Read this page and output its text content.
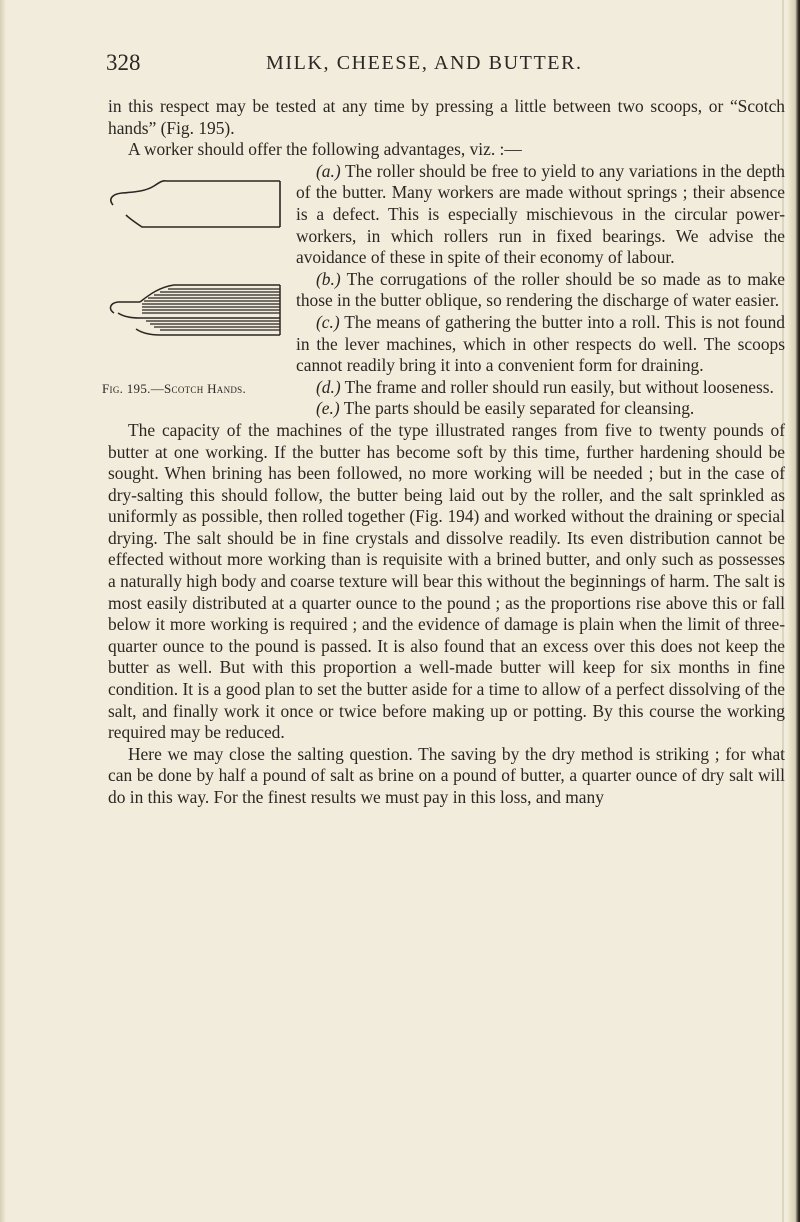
328	MILK, CHEESE, AND BUTTER.

in this respect may be tested at any time by pressing a little between two scoops, or “Scotch hands” (Fig. 195).

A worker should offer the following advantages, viz. :—

Fig. 195.—Scotch Hands.

(a.) The roller should be free to yield to any variations in the depth of the butter. Many workers are made without springs ; their absence is a defect. This is especially mischievous in the circular power-workers, in which rollers run in fixed bearings. We advise the avoidance of these in spite of their economy of labour.

(b.) The corrugations of the roller should be so made as to make those in the butter oblique, so rendering the discharge of water easier.

(c.) The means of gathering the butter into a roll. This is not found in the lever machines, which in other respects do well. The scoops cannot readily bring it into a convenient form for draining.

(d.) The frame and roller should run easily, but without looseness.

(e.) The parts should be easily separated for cleansing.

The capacity of the machines of the type illustrated ranges from five to twenty pounds of butter at one working. If the butter has become soft by this time, further hardening should be sought. When brining has been followed, no more working will be needed ; but in the case of dry-salting this should follow, the butter being laid out by the roller, and the salt sprinkled as uniformly as possible, then rolled together (Fig. 194) and worked without the draining or special drying. The salt should be in fine crystals and dissolve readily. Its even distribution cannot be effected without more working than is requisite with a brined butter, and only such as possesses a naturally high body and coarse texture will bear this without the beginnings of harm. The salt is most easily distributed at a quarter ounce to the pound ; as the proportions rise above this or fall below it more working is required ; and the evidence of damage is plain when the limit of three-quarter ounce to the pound is passed. It is also found that an excess over this does not keep the butter as well. But with this proportion a well-made butter will keep for six months in fine condition. It is a good plan to set the butter aside for a time to allow of a perfect dissolving of the salt, and finally work it once or twice before making up or potting. By this course the working required may be reduced.

Here we may close the salting question. The saving by the dry method is striking ; for what can be done by half a pound of salt as brine on a pound of butter, a quarter ounce of dry salt will do in this way. For the finest results we must pay in this loss, and many
